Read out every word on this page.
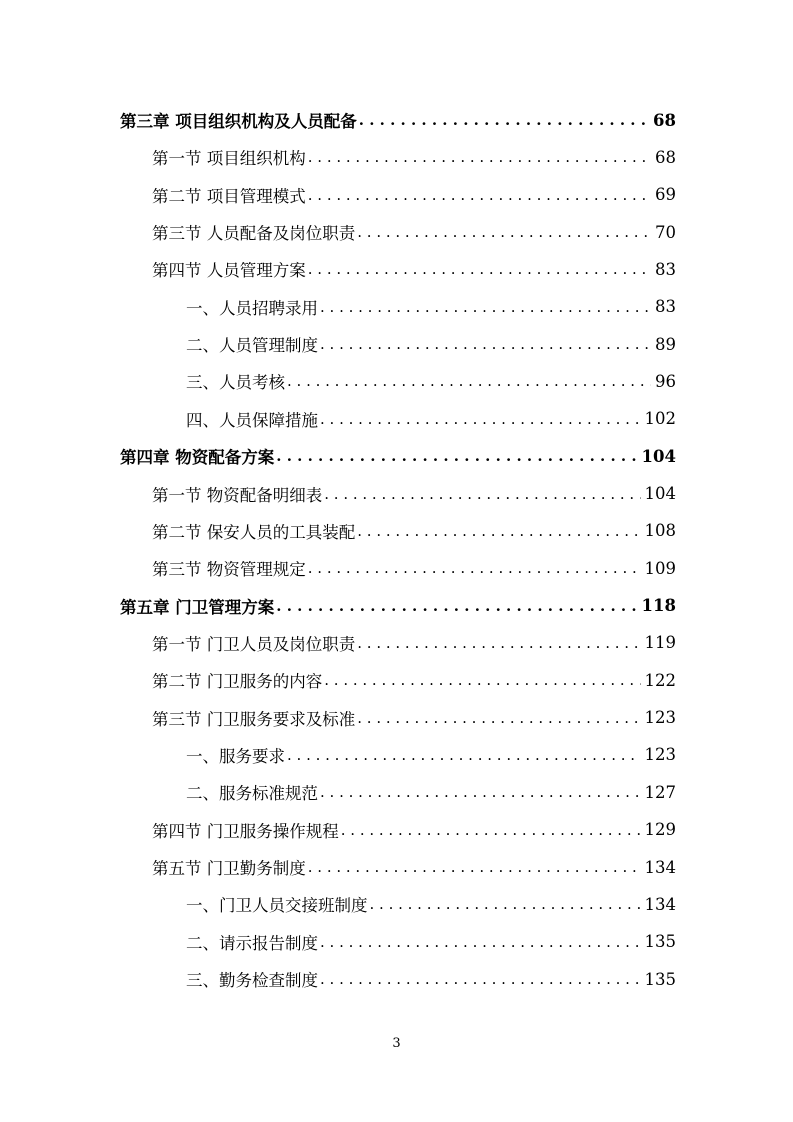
第三章 项目组织机构及人员配备 . . .	68
第一节 项目组织机构 . . .	68
第二节 项目管理模式 . . .	69
第三节 人员配备及岗位职责 . . .	70
第四节 人员管理方案 . . .	83
一、人员招聘录用 . . .	83
二、人员管理制度 . . .	89
三、人员考核 . . .	96
四、人员保障措施 . . .	102
第四章 物资配备方案 . . .	104
第一节 物资配备明细表 . . .	104
第二节 保安人员的工具装配 . . .	108
第三节 物资管理规定 . . .	109
第五章 门卫管理方案 . . .	118
第一节 门卫人员及岗位职责 . . .	119
第二节 门卫服务的内容 . . .	122
第三节 门卫服务要求及标准 . . .	123
一、服务要求 . . .	123
二、服务标准规范 . . .	127
第四节 门卫服务操作规程 . . .	129
第五节 门卫勤务制度 . . .	134
一、门卫人员交接班制度 . . .	134
二、请示报告制度 . . .	135
三、勤务检查制度 . . .	135
3
